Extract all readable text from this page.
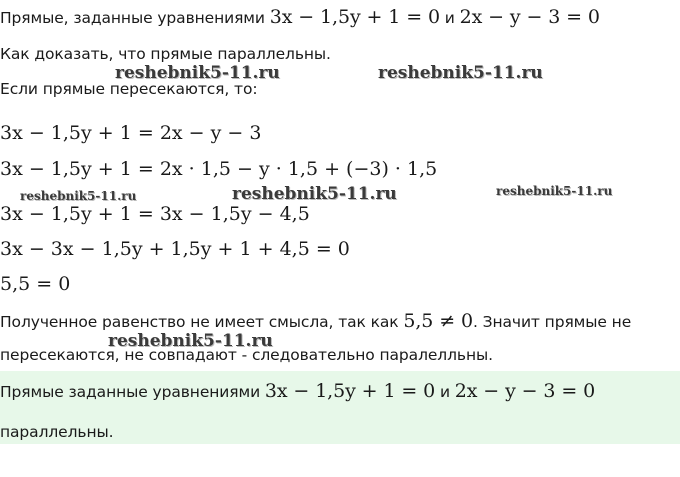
Прямые, заданные уравнениями 3x − 1,5y + 1 = 0 и 2x − y − 3 = 0
Как доказать, что прямые параллельны.
reshebnik5-11.ru	reshebnik5-11.ru
Если прямые пересекаются, то:
3x − 1,5y + 1 = 2x − y − 3
3x − 1,5y + 1 = 2x · 1,5 − y · 1,5 + (−3) · 1,5
reshebnik5-11.ru	reshebnik5-11.ru	reshebnik5-11.ru
3x − 1,5y + 1 = 3x − 1,5y − 4,5
3x − 3x − 1,5y + 1,5y + 1 + 4,5 = 0
5,5 = 0
Полученное равенство не имеет смысла, так как 5,5 ≠ 0. Значит прямые не
reshebnik5-11.ru
пересекаются, не совпадают - следовательно паралелльны.
Прямые заданные уравнениями 3x − 1,5y + 1 = 0 и 2x − y − 3 = 0
параллельны.
